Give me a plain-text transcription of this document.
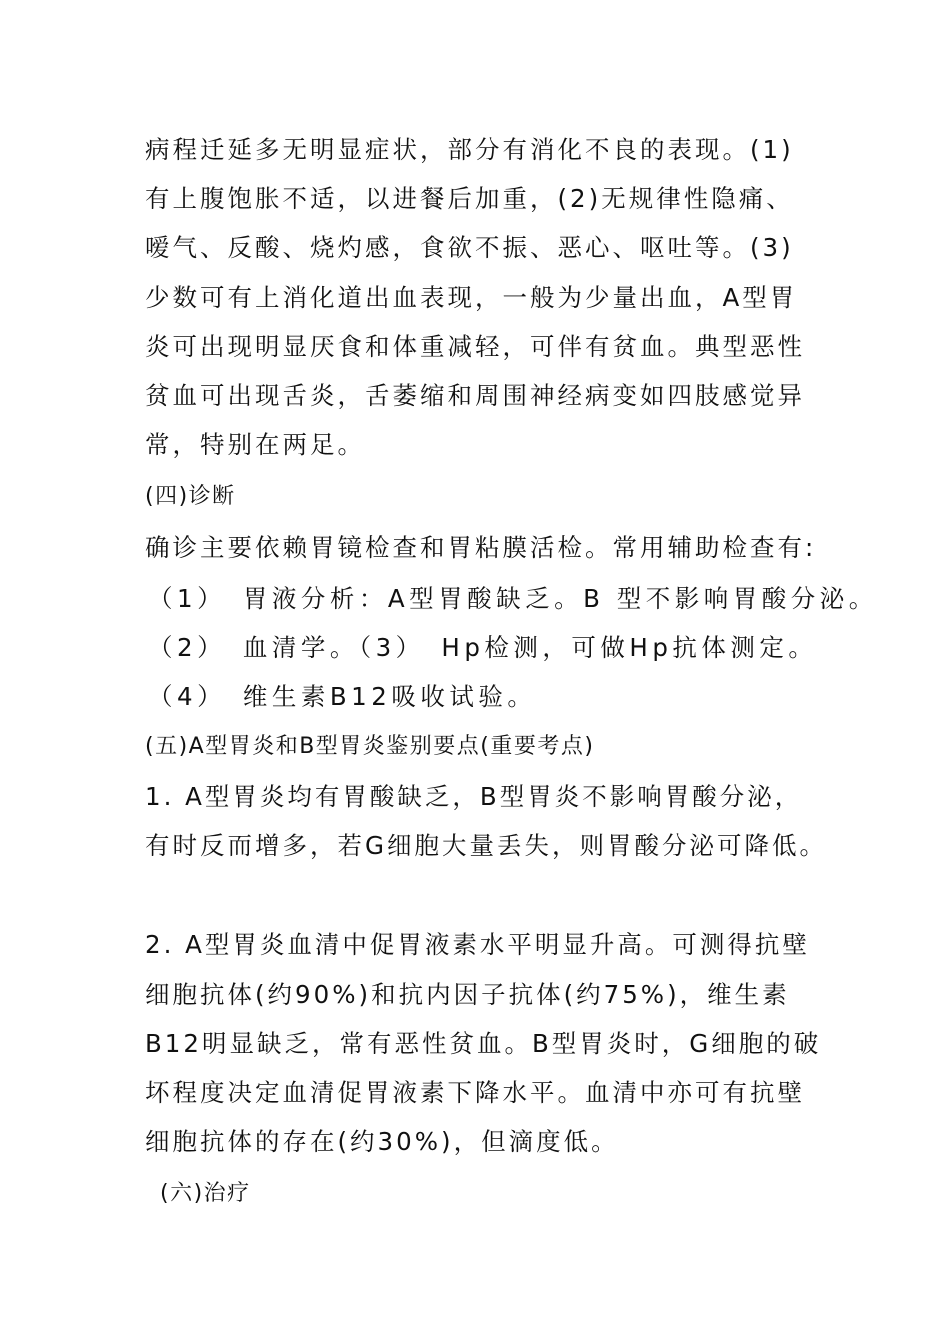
病程迁延多无明显症状，部分有消化不良的表现。(1)
有上腹饱胀不适，以进餐后加重，(2)无规律性隐痛、
嗳气、反酸、烧灼感，食欲不振、恶心、呕吐等。(3)
少数可有上消化道出血表现，一般为少量出血，A型胃
炎可出现明显厌食和体重减轻，可伴有贫血。典型恶性
贫血可出现舌炎，舌萎缩和周围神经病变如四肢感觉异
常，特别在两足。
(四)诊断
确诊主要依赖胃镜检查和胃粘膜活检。常用辅助检查有:
（1）　胃液分析：A型胃酸缺乏。B 型不影响胃酸分泌。
（2）　血清学。（3）　Hp检测，可做Hp抗体测定。
（4）　维生素B12吸收试验。
(五)A型胃炎和B型胃炎鉴别要点(重要考点)
1. A型胃炎均有胃酸缺乏，B型胃炎不影响胃酸分泌，
有时反而增多，若G细胞大量丢失，则胃酸分泌可降低。
2. A型胃炎血清中促胃液素水平明显升高。可测得抗壁
细胞抗体(约90%)和抗内因子抗体(约75%)，维生素
B12明显缺乏，常有恶性贫血。B型胃炎时，G细胞的破
坏程度决定血清促胃液素下降水平。血清中亦可有抗壁
细胞抗体的存在(约30%)，但滴度低。
(六)治疗
